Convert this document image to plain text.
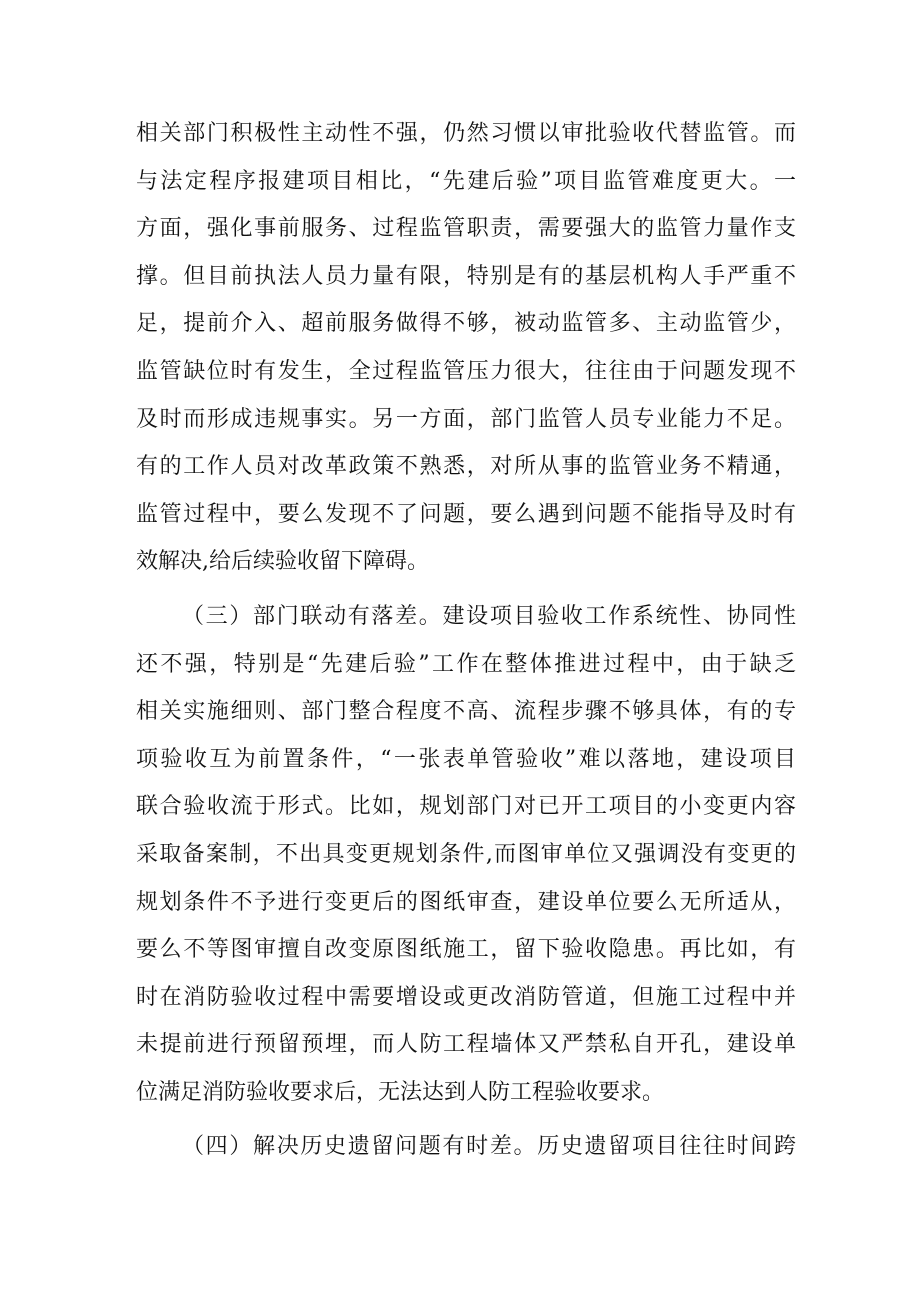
相关部门积极性主动性不强，仍然习惯以审批验收代替监管。而
与法定程序报建项目相比，“先建后验”项目监管难度更大。一
方面，强化事前服务、过程监管职责，需要强大的监管力量作支
撑。但目前执法人员力量有限，特别是有的基层机构人手严重不
足，提前介入、超前服务做得不够，被动监管多、主动监管少，
监管缺位时有发生，全过程监管压力很大，往往由于问题发现不
及时而形成违规事实。另一方面，部门监管人员专业能力不足。
有的工作人员对改革政策不熟悉，对所从事的监管业务不精通，
监管过程中，要么发现不了问题，要么遇到问题不能指导及时有
效解决,给后续验收留下障碍。
（三）部门联动有落差。建设项目验收工作系统性、协同性
还不强，特别是“先建后验”工作在整体推进过程中，由于缺乏
相关实施细则、部门整合程度不高、流程步骤不够具体，有的专
项验收互为前置条件，“一张表单管验收”难以落地，建设项目
联合验收流于形式。比如，规划部门对已开工项目的小变更内容
采取备案制，不出具变更规划条件,而图审单位又强调没有变更的
规划条件不予进行变更后的图纸审查，建设单位要么无所适从，
要么不等图审擅自改变原图纸施工，留下验收隐患。再比如，有
时在消防验收过程中需要增设或更改消防管道，但施工过程中并
未提前进行预留预埋，而人防工程墙体又严禁私自开孔，建设单
位满足消防验收要求后，无法达到人防工程验收要求。
（四）解决历史遗留问题有时差。历史遗留项目往往时间跨
